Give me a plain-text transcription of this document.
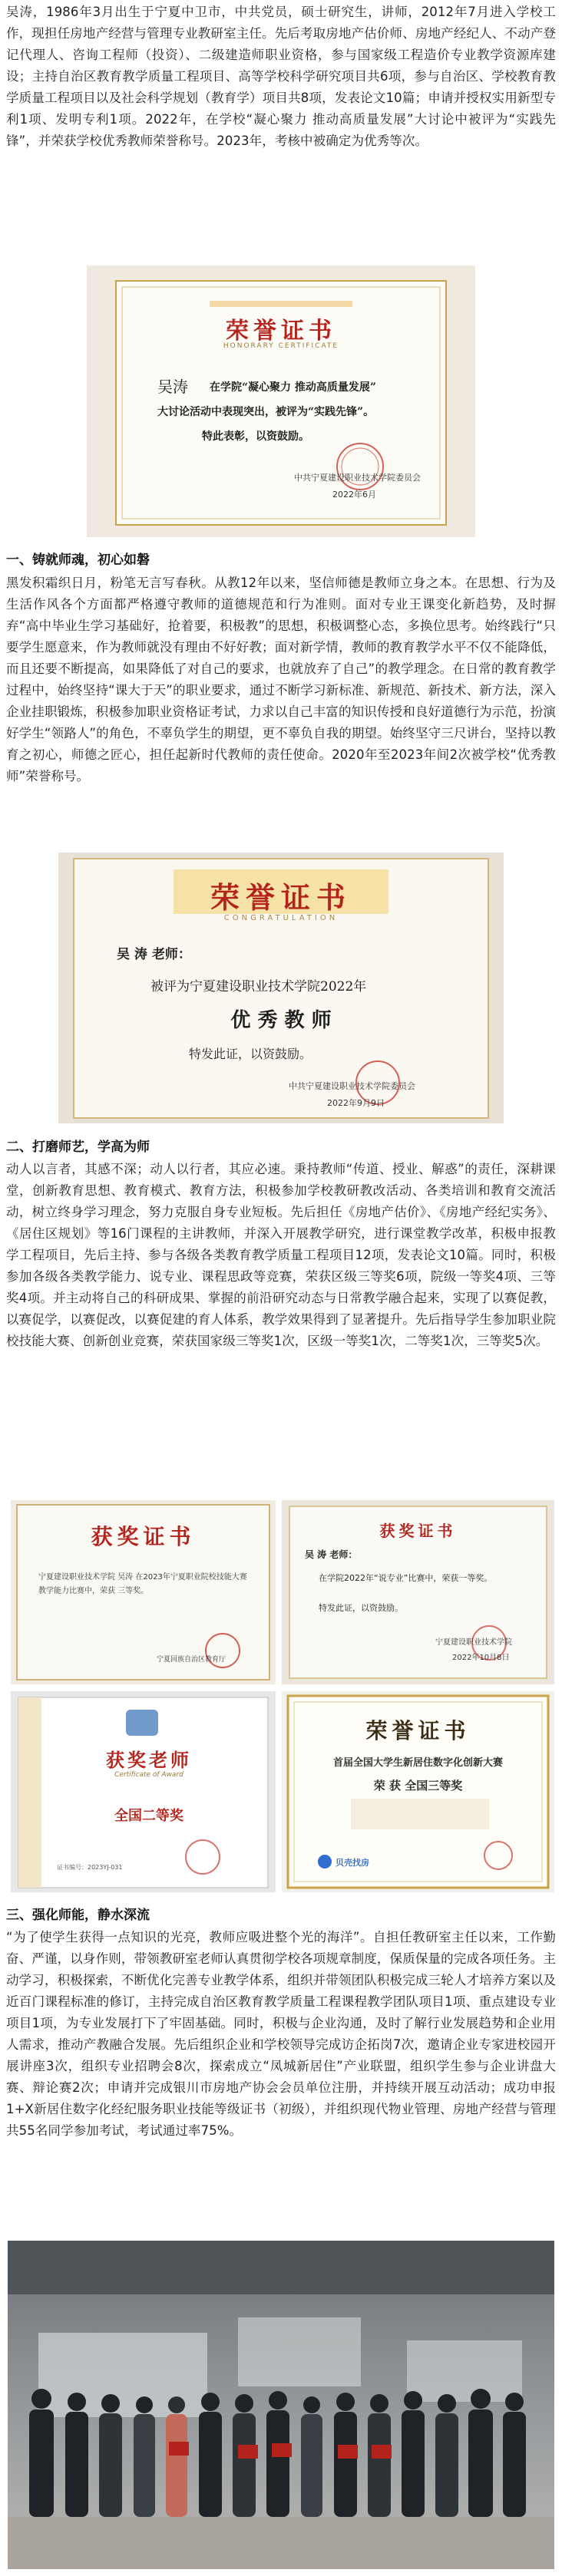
吴涛，1986年3月出生于宁夏中卫市，中共党员，硕士研究生，讲师，2012年7月进入学校工作，现担任房地产经营与管理专业教研室主任。先后考取房地产估价师、房地产经纪人、不动产登记代理人、咨询工程师（投资）、二级建造师职业资格，参与国家级工程造价专业教学资源库建设；主持自治区教育教学质量工程项目、高等学校科学研究项目共6项，参与自治区、学校教育教学质量工程项目以及社会科学规划（教育学）项目共8项，发表论文10篇；申请并授权实用新型专利1项、发明专利1项。2022年，在学校“凝心聚力 推动高质量发展”大讨论中被评为“实践先锋”，并荣获学校优秀教师荣誉称号。2023年，考核中被确定为优秀等次。

荣誉证书
HONORARY CERTIFICATE
吴涛 在学院“凝心聚力 推动高质量发展”
大讨论活动中表现突出，被评为“实践先锋”。
特此表彰，以资鼓励。
中共宁夏建设职业技术学院委员会
2022年6月
一、铸就师魂，初心如磐

黑发积霜织日月，粉笔无言写春秋。从教12年以来，坚信师德是教师立身之本。在思想、行为及生活作风各个方面都严格遵守教师的道德规范和行为准则。面对专业王课变化新趋势，及时摒弃“高中毕业生学习基础好，抢着要，积极教”的思想，积极调整心态，多换位思考。始终践行“只要学生愿意来，作为教师就没有理由不好好教；面对新学情，教师的教育教学水平不仅不能降低，而且还要不断提高，如果降低了对自己的要求，也就放弃了自己”的教学理念。在日常的教育教学过程中，始终坚持“课大于天”的职业要求，通过不断学习新标准、新规范、新技术、新方法，深入企业挂职锻炼，积极参加职业资格证考试，力求以自己丰富的知识传授和良好道德行为示范，扮演好学生“领路人”的角色，不辜负学生的期望，更不辜负自我的期望。始终坚守三尺讲台，坚持以教育之初心，师德之匠心，担任起新时代教师的责任使命。2020年至2023年间2次被学校“优秀教师”荣誉称号。

荣誉证书
CONGRATULATION
吴 涛 老师：
被评为宁夏建设职业技术学院2022年
优 秀 教 师
特发此证，以资鼓励。
中共宁夏建设职业技术学院委员会
2022年9月9日
二、打磨师艺，学高为师

动人以言者，其感不深；动人以行者，其应必速。秉持教师“传道、授业、解惑”的责任，深耕课堂，创新教育思想、教育模式、教育方法，积极参加学校教研教改活动、各类培训和教育交流活动，树立终身学习理念，努力克服自身专业短板。先后担任《房地产估价》、《房地产经纪实务》、《居住区规划》等16门课程的主讲教师，并深入开展教学研究，进行课堂教学改革，积极申报教学工程项目，先后主持、参与各级各类教育教学质量工程项目12项，发表论文10篇。同时，积极参加各级各类教学能力、说专业、课程思政等竞赛，荣获区级三等奖6项，院级一等奖4项、三等奖4项。并主动将自己的科研成果、掌握的前沿研究动态与日常教学融合起来，实现了以赛促教，以赛促学，以赛促改，以赛促建的育人体系，教学效果得到了显著提升。先后指导学生参加职业院校技能大赛、创新创业竞赛，荣获国家级三等奖1次，区级一等奖1次，二等奖1次，三等奖5次。

获奖证书
宁夏建设职业技术学院 吴涛 在2023年宁夏职业院校技能大赛教学能力比赛中，荣获 三等奖。
宁夏回族自治区教育厅
获奖证书
吴 涛 老师：
在学院2022年“说专业”比赛中，荣获一等奖。
特发此证，以资鼓励。
宁夏建设职业技术学院
2022年10月8日
获奖老师
Certificate of Award
全国二等奖
证书编号：2023YJ-031
荣誉证书
首届全国大学生新居住数字化创新大赛
荣 获 全国三等奖
贝壳找房
三、强化师能，静水深流

“为了使学生获得一点知识的光亮，教师应吸进整个光的海洋”。自担任教研室主任以来，工作勤奋、严谨，以身作则，带领教研室老师认真贯彻学校各项规章制度，保质保量的完成各项任务。主动学习，积极探索，不断优化完善专业教学体系，组织并带领团队积极完成三轮人才培养方案以及近百门课程标准的修订，主持完成自治区教育教学质量工程课程教学团队项目1项、重点建设专业项目1项，为专业发展打下了牢固基础。同时，积极与企业沟通，及时了解行业发展趋势和企业用人需求，推动产教融合发展。先后组织企业和学校领导完成访企拓岗7次，邀请企业专家进校园开展讲座3次，组织专业招聘会8次，探索成立“凤城新居住”产业联盟，组织学生参与企业讲盘大赛、辩论赛2次；申请并完成银川市房地产协会会员单位注册，并持续开展互动活动；成功申报1+X新居住数字化经纪服务职业技能等级证书（初级），并组织现代物业管理、房地产经营与管理共55名同学参加考试，考试通过率75%。
